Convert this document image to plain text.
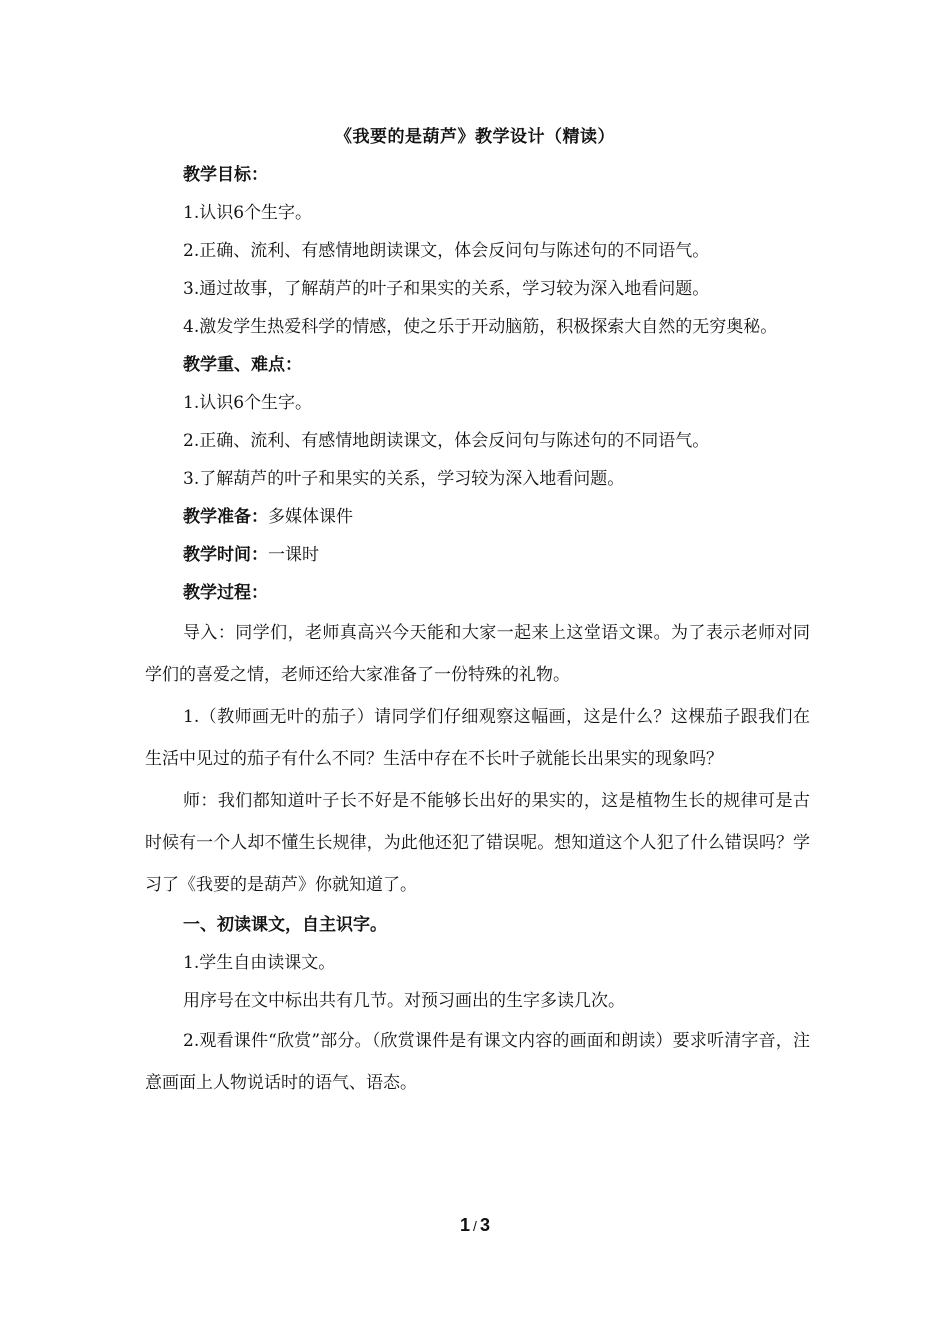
《我要的是葫芦》教学设计（精读）

教学目标：

1.认识6个生字。

2.正确、流利、有感情地朗读课文，体会反问句与陈述句的不同语气。

3.通过故事，了解葫芦的叶子和果实的关系，学习较为深入地看问题。

4.激发学生热爱科学的情感，使之乐于开动脑筋，积极探索大自然的无穷奥秘。

教学重、难点：

1.认识6个生字。

2.正确、流利、有感情地朗读课文，体会反问句与陈述句的不同语气。

3.了解葫芦的叶子和果实的关系，学习较为深入地看问题。

教学准备：多媒体课件

教学时间：一课时

教学过程：

导入：同学们，老师真高兴今天能和大家一起来上这堂语文课。为了表示老师对同学们的喜爱之情，老师还给大家准备了一份特殊的礼物。

1.（教师画无叶的茄子）请同学们仔细观察这幅画，这是什么？这棵茄子跟我们在生活中见过的茄子有什么不同？生活中存在不长叶子就能长出果实的现象吗？

师：我们都知道叶子长不好是不能够长出好的果实的，这是植物生长的规律可是古时候有一个人却不懂生长规律，为此他还犯了错误呢。想知道这个人犯了什么错误吗？学习了《我要的是葫芦》你就知道了。

一、初读课文，自主识字。

1.学生自由读课文。

用序号在文中标出共有几节。对预习画出的生字多读几次。

2.观看课件“欣赏”部分。（欣赏课件是有课文内容的画面和朗读）要求听清字音，注意画面上人物说话时的语气、语态。

1 / 3
